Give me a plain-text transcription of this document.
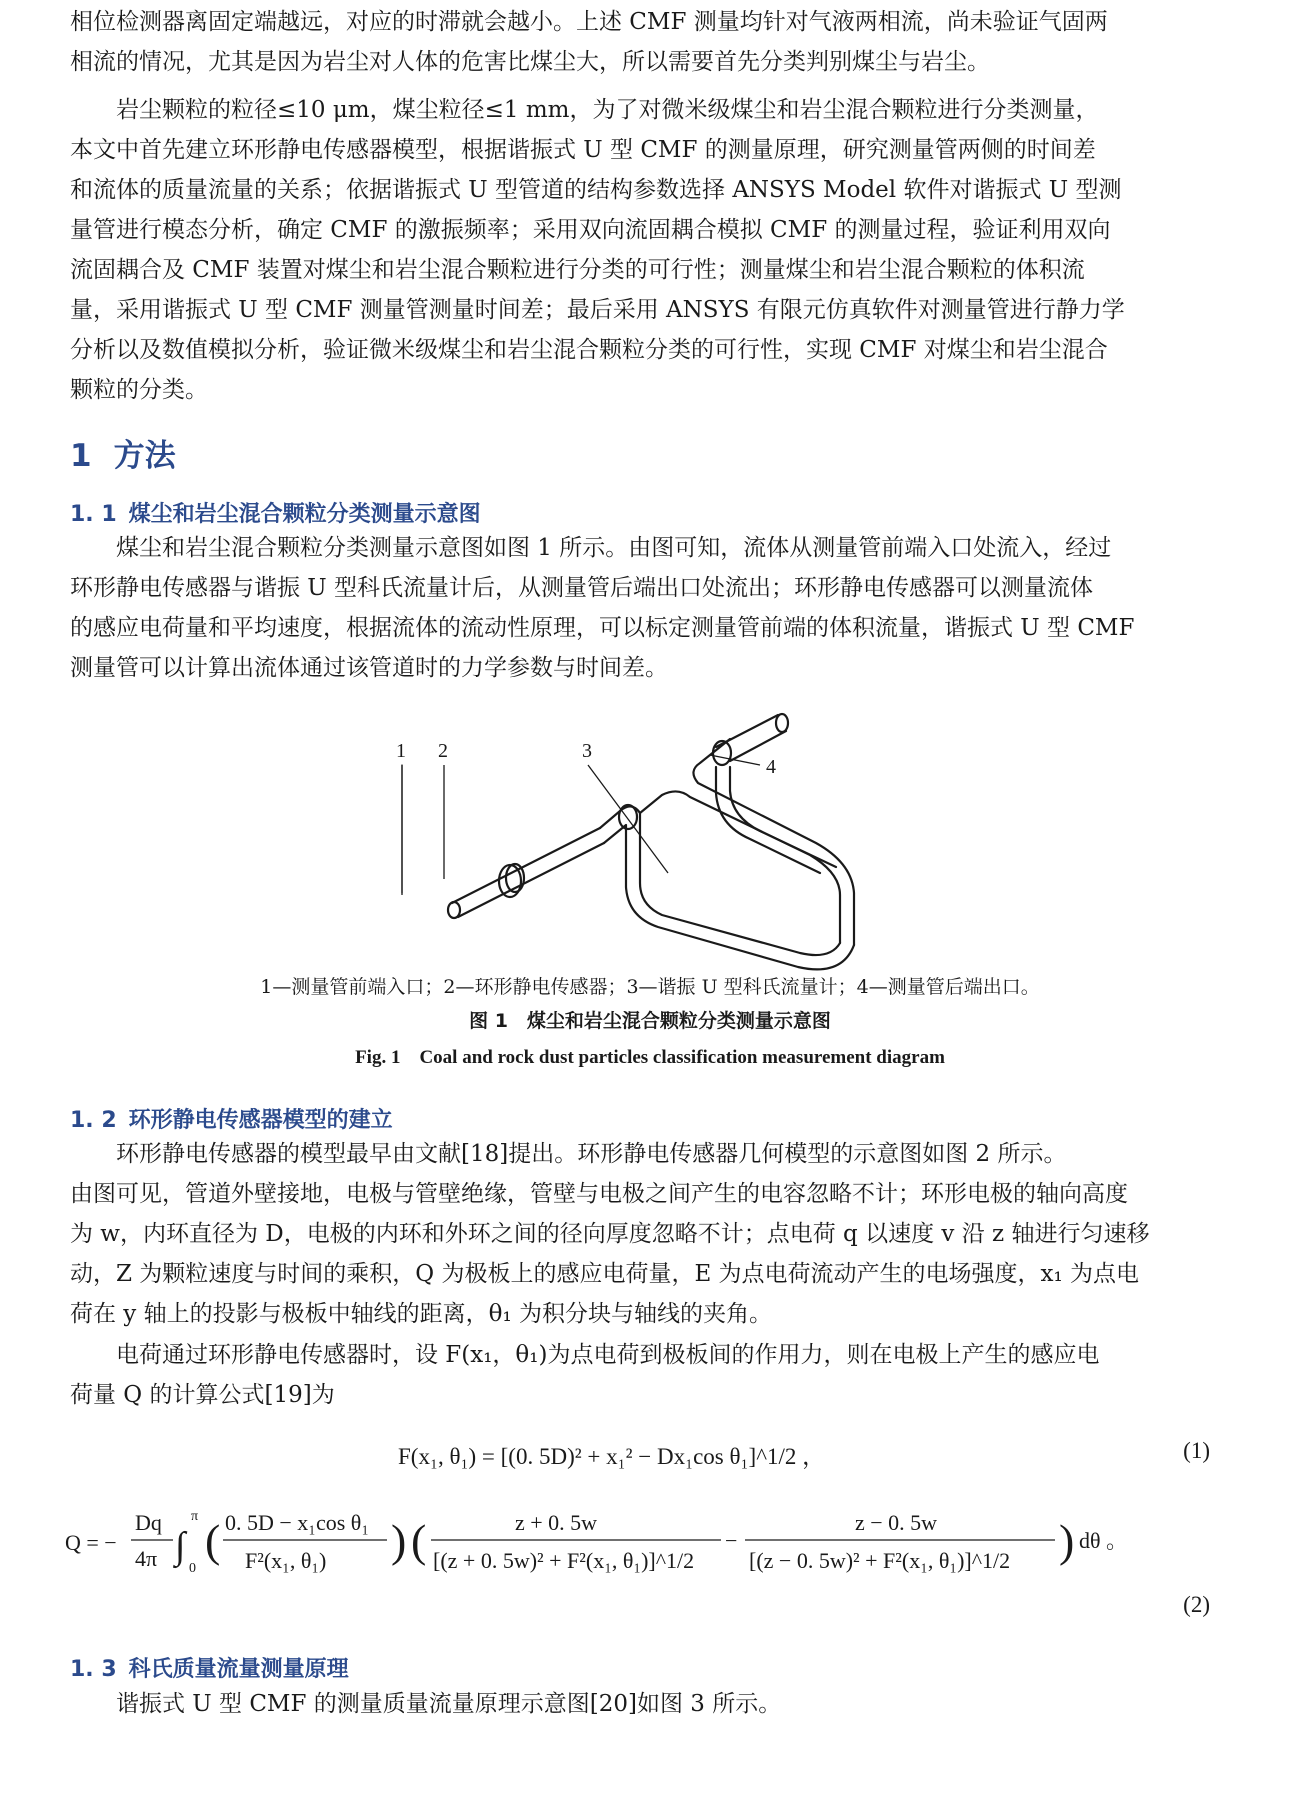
相位检测器离固定端越远，对应的时滞就会越小。上述 CMF 测量均针对气液两相流，尚未验证气固两
相流的情况，尤其是因为岩尘对人体的危害比煤尘大，所以需要首先分类判别煤尘与岩尘。

　　岩尘颗粒的粒径≤10 μm，煤尘粒径≤1 mm，为了对微米级煤尘和岩尘混合颗粒进行分类测量，
本文中首先建立环形静电传感器模型，根据谐振式 U 型 CMF 的测量原理，研究测量管两侧的时间差
和流体的质量流量的关系；依据谐振式 U 型管道的结构参数选择 ANSYS Model 软件对谐振式 U 型测
量管进行模态分析，确定 CMF 的激振频率；采用双向流固耦合模拟 CMF 的测量过程，验证利用双向
流固耦合及 CMF 装置对煤尘和岩尘混合颗粒进行分类的可行性；测量煤尘和岩尘混合颗粒的体积流
量，采用谐振式 U 型 CMF 测量管测量时间差；最后采用 ANSYS 有限元仿真软件对测量管进行静力学
分析以及数值模拟分析，验证微米级煤尘和岩尘混合颗粒分类的可行性，实现 CMF 对煤尘和岩尘混合
颗粒的分类。

1 方法
1. 1 煤尘和岩尘混合颗粒分类测量示意图

　　煤尘和岩尘混合颗粒分类测量示意图如图 1 所示。由图可知，流体从测量管前端入口处流入，经过
环形静电传感器与谐振 U 型科氏流量计后，从测量管后端出口处流出；环形静电传感器可以测量流体
的感应电荷量和平均速度，根据流体的流动性原理，可以标定测量管前端的体积流量，谐振式 U 型 CMF
测量管可以计算出流体通过该管道时的力学参数与时间差。

1 2	3
4

1—测量管前端入口；2—环形静电传感器；3—谐振 U 型科氏流量计；4—测量管后端出口。

图 1　煤尘和岩尘混合颗粒分类测量示意图

Fig. 1　Coal and rock dust particles classification measurement diagram

1. 2 环形静电传感器模型的建立

　　环形静电传感器的模型最早由文献[18]提出。环形静电传感器几何模型的示意图如图 2 所示。
由图可见，管道外壁接地，电极与管壁绝缘，管壁与电极之间产生的电容忽略不计；环形电极的轴向高度
为 w，内环直径为 D，电极的内环和外环之间的径向厚度忽略不计；点电荷 q 以速度 v 沿 z 轴进行匀速移
动，Z 为颗粒速度与时间的乘积，Q 为极板上的感应电荷量，E 为点电荷流动产生的电场强度，x₁ 为点电
荷在 y 轴上的投影与极板中轴线的距离，θ₁ 为积分块与轴线的夹角。

　　电荷通过环形静电传感器时，设 F(x₁，θ₁)为点电荷到极板间的作用力，则在电极上产生的感应电
荷量 Q 的计算公式[19]为

F(x₁, θ₁) = [(0. 5D)² + x₁² − Dx₁cos θ₁]^1/2 ，	(1)
Q = −
Dq
4π ∫
π
0
( 0. 5D − x₁cos θ₁
F²(x₁, θ₁) ) (	z + 0. 5w
[(z + 0. 5w)² + F²(x₁, θ₁)]^1/2
−
z − 0. 5w
[(z − 0. 5w)² + F²(x₁, θ₁)]^1/2 ) dθ 。
(2)
1. 3 科氏质量流量测量原理

　　谐振式 U 型 CMF 的测量质量流量原理示意图[20]如图 3 所示。
